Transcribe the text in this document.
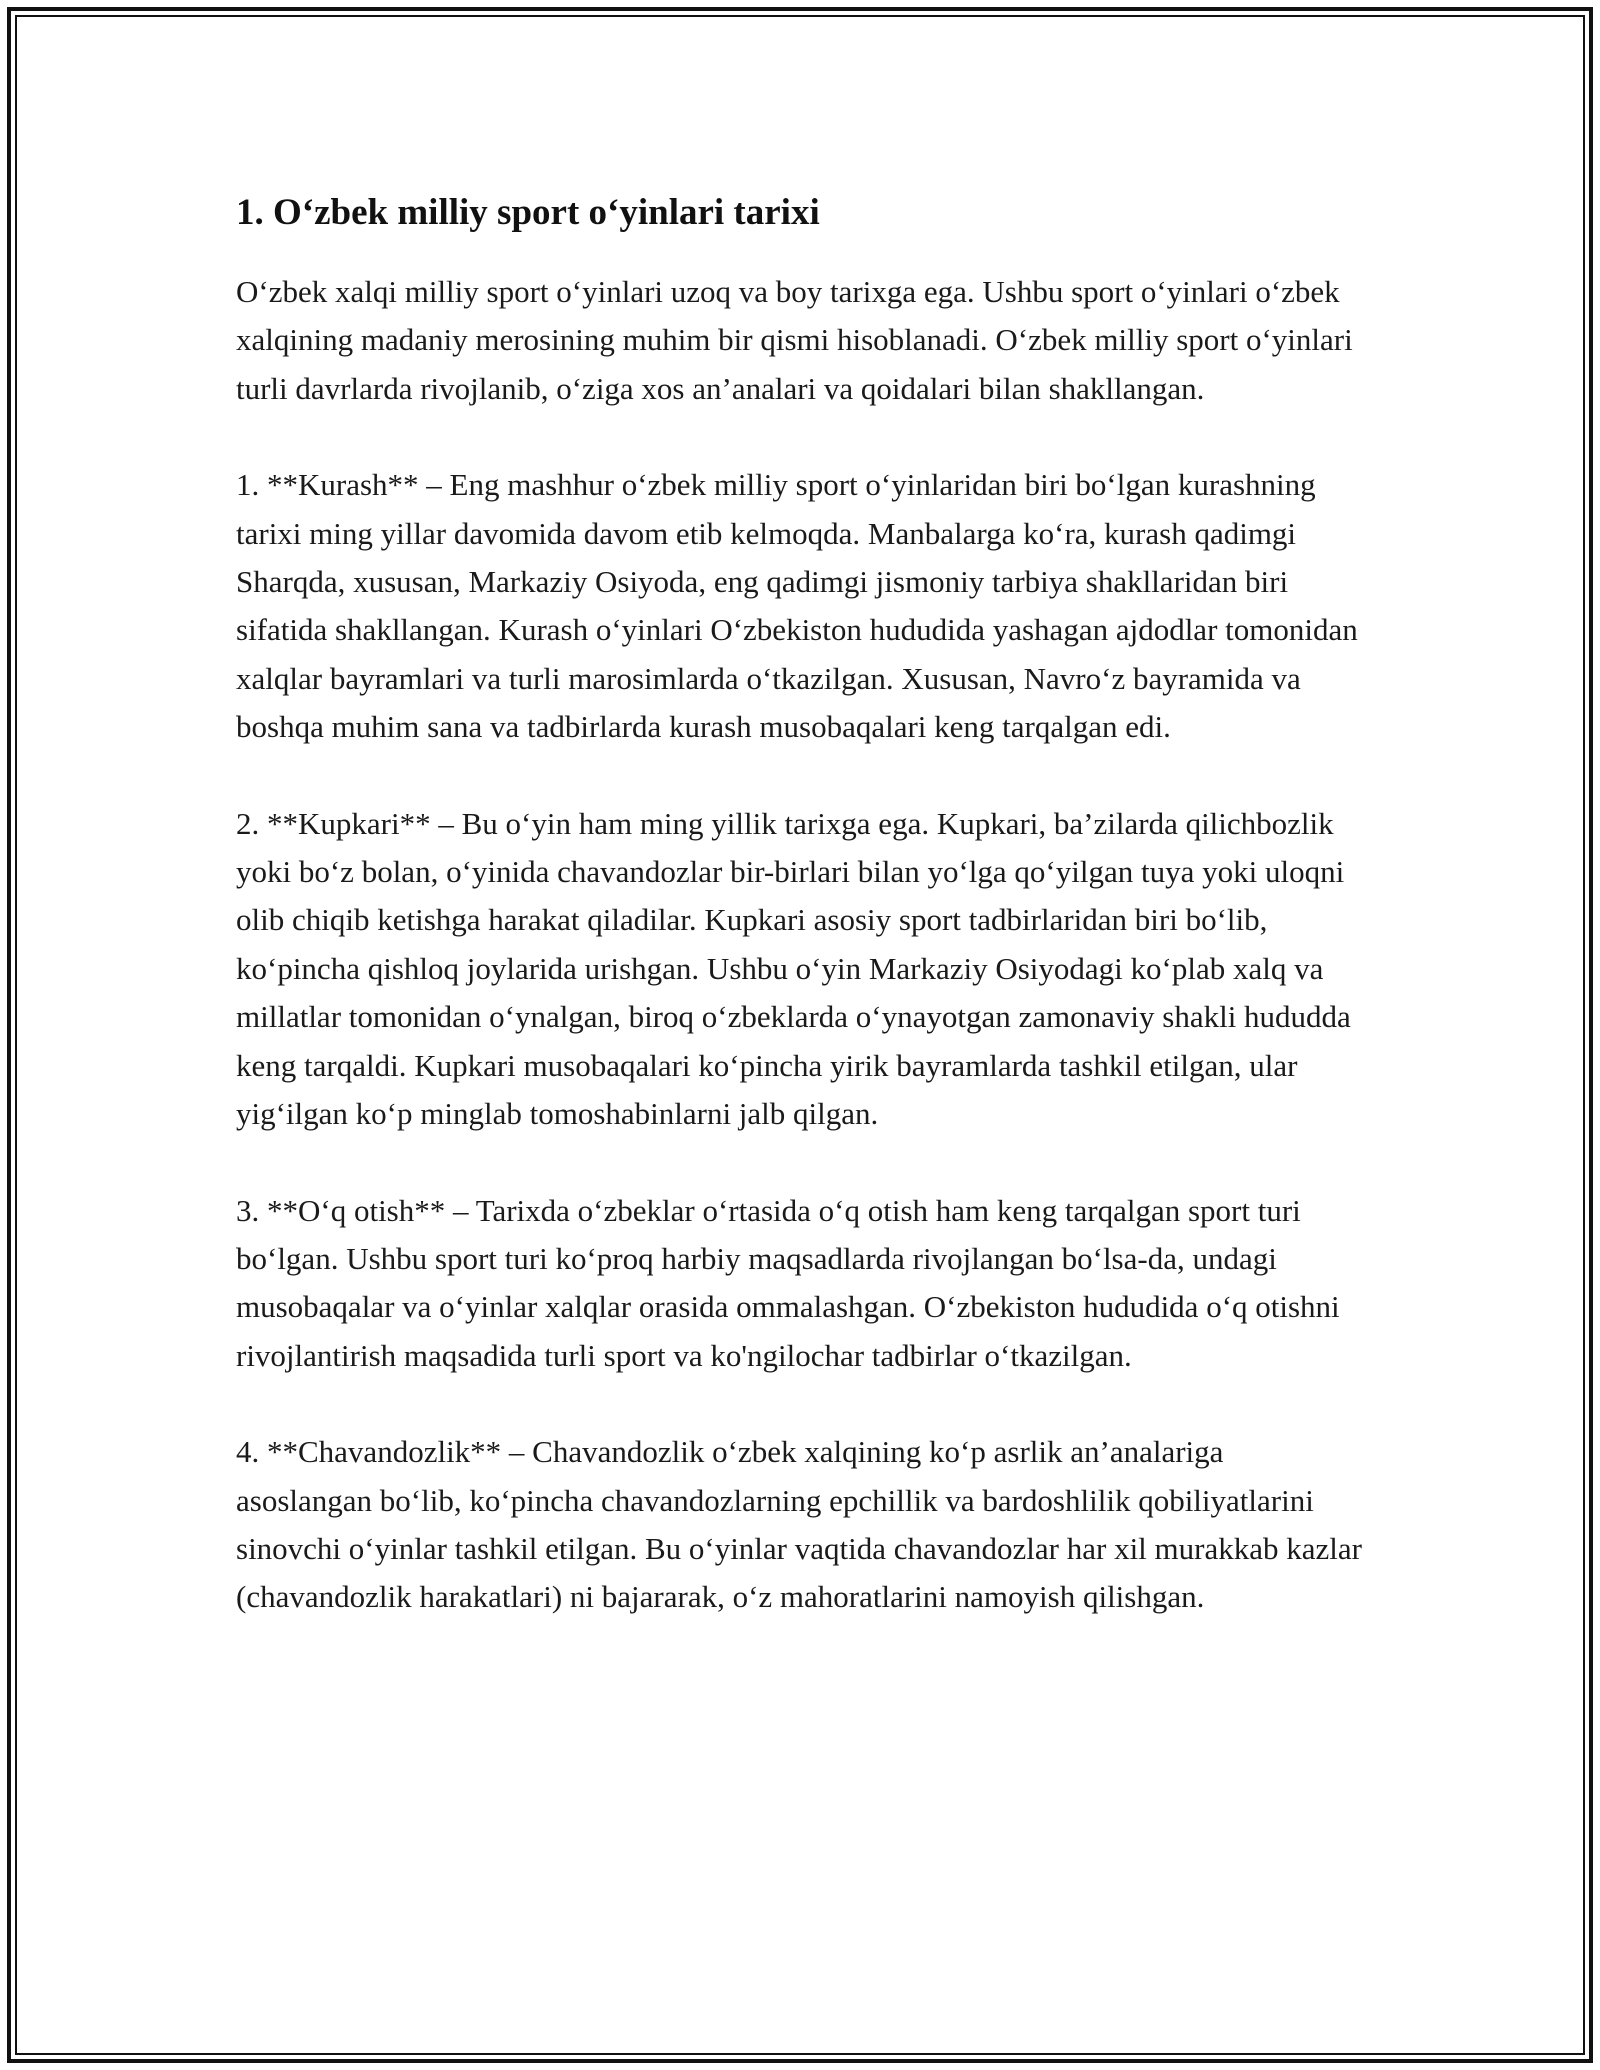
1. Oʻzbek milliy sport oʻyinlari tarixi

Oʻzbek xalqi milliy sport oʻyinlari uzoq va boy tarixga ega. Ushbu sport oʻyinlari oʻzbek xalqining madaniy merosining muhim bir qismi hisoblanadi. Oʻzbek milliy sport oʻyinlari turli davrlarda rivojlanib, oʻziga xos an’analari va qoidalari bilan shakllangan.

1. **Kurash** – Eng mashhur oʻzbek milliy sport oʻyinlaridan biri boʻlgan kurashning tarixi ming yillar davomida davom etib kelmoqda. Manbalarga koʻra, kurash qadimgi Sharqda, xususan, Markaziy Osiyoda, eng qadimgi jismoniy tarbiya shakllaridan biri sifatida shakllangan. Kurash oʻyinlari Oʻzbekiston hududida yashagan ajdodlar tomonidan xalqlar bayramlari va turli marosimlarda oʻtkazilgan. Xususan, Navroʻz bayramida va boshqa muhim sana va tadbirlarda kurash musobaqalari keng tarqalgan edi.

2. **Kupkari** – Bu oʻyin ham ming yillik tarixga ega. Kupkari, ba’zilarda qilichbozlik yoki boʻz bolan, oʻyinida chavandozlar bir-birlari bilan yoʻlga qoʻyilgan tuya yoki uloqni olib chiqib ketishga harakat qiladilar. Kupkari asosiy sport tadbirlaridan biri boʻlib, koʻpincha qishloq joylarida urishgan. Ushbu oʻyin Markaziy Osiyodagi koʻplab xalq va millatlar tomonidan oʻynalgan, biroq oʻzbeklarda oʻynayotgan zamonaviy shakli hududda keng tarqaldi. Kupkari musobaqalari koʻpincha yirik bayramlarda tashkil etilgan, ular yigʻilgan koʻp minglab tomoshabinlarni jalb qilgan.

3. **Oʻq otish** – Tarixda oʻzbeklar oʻrtasida oʻq otish ham keng tarqalgan sport turi boʻlgan. Ushbu sport turi koʻproq harbiy maqsadlarda rivojlangan boʻlsa-da, undagi musobaqalar va oʻyinlar xalqlar orasida ommalashgan. Oʻzbekiston hududida oʻq otishni rivojlantirish maqsadida turli sport va ko'ngilochar tadbirlar oʻtkazilgan.

4. **Chavandozlik** – Chavandozlik oʻzbek xalqining koʻp asrlik an’analariga asoslangan boʻlib, koʻpincha chavandozlarning epchillik va bardoshlilik qobiliyatlarini sinovchi oʻyinlar tashkil etilgan. Bu oʻyinlar vaqtida chavandozlar har xil murakkab kazlar (chavandozlik harakatlari) ni bajararak, oʻz mahoratlarini namoyish qilishgan.
